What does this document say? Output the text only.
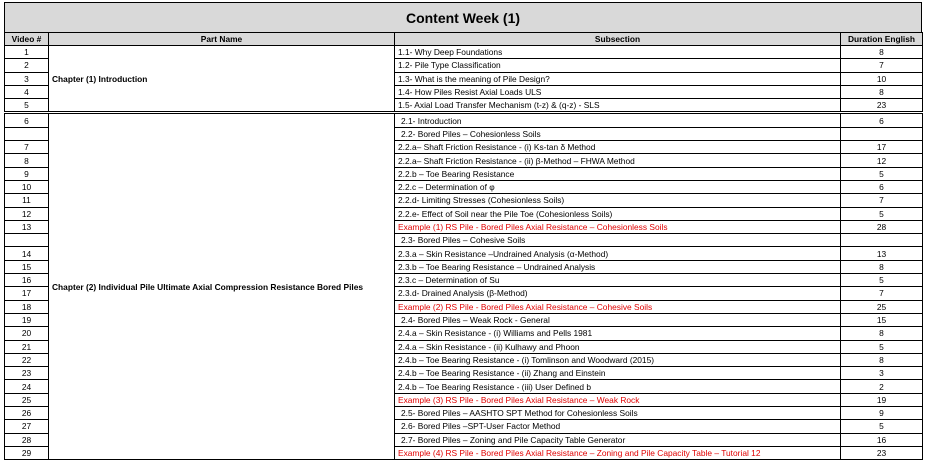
Content Week (1)
Video #	Part Name	Subsection	Duration English
1	Chapter (1) Introduction	1.1- Why Deep Foundations	8
2		1.2- Pile Type Classification	7
3		1.3- What is the meaning of Pile Design?	10
4		1.4- How Piles Resist Axial Loads ULS	8
5		1.5- Axial Load Transfer Mechanism (t-z) & (q-z) - SLS	23
6	Chapter (2) Individual Pile Ultimate Axial Compression Resistance Bored Piles	2.1- Introduction	6
		2.2- Bored Piles – Cohesionless Soils	
7		2.2.a– Shaft Friction Resistance - (i) Ks-tan δ Method	17
8		2.2.a– Shaft Friction Resistance - (ii) β-Method – FHWA Method	12
9		2.2.b – Toe Bearing Resistance	5
10		2.2.c – Determination of φ	6
11		2.2.d- Limiting Stresses (Cohesionless Soils)	7
12		2.2.e- Effect of Soil near the Pile Toe (Cohesionless Soils)	5
13		Example (1) RS Pile - Bored Piles Axial Resistance – Cohesionless Soils	28
		2.3- Bored Piles – Cohesive Soils	
14		2.3.a – Skin Resistance –Undrained Analysis (α-Method)	13
15		2.3.b – Toe Bearing Resistance – Undrained Analysis	8
16		2.3.c – Determination of Su	5
17		2.3.d- Drained Analysis (β-Method)	7
18		Example (2) RS Pile - Bored Piles Axial Resistance – Cohesive Soils	25
19		2.4- Bored Piles – Weak Rock - General	15
20		2.4.a – Skin Resistance - (i) Williams and Pells 1981	8
21		2.4.a – Skin Resistance - (ii) Kulhawy and Phoon	5
22		2.4.b – Toe Bearing Resistance - (i) Tomlinson and Woodward (2015)	8
23		2.4.b – Toe Bearing Resistance - (ii) Zhang and Einstein	3
24		2.4.b – Toe Bearing Resistance - (iii) User Defined b	2
25		Example (3) RS Pile - Bored Piles Axial Resistance – Weak Rock	19
26		2.5- Bored Piles – AASHTO SPT Method for Cohesionless Soils	9
27		2.6- Bored Piles –SPT-User Factor Method	5
28		2.7- Bored Piles – Zoning and Pile Capacity Table Generator	16
29		Example (4) RS Pile - Bored Piles Axial Resistance – Zoning and Pile Capacity Table – Tutorial 12	23
